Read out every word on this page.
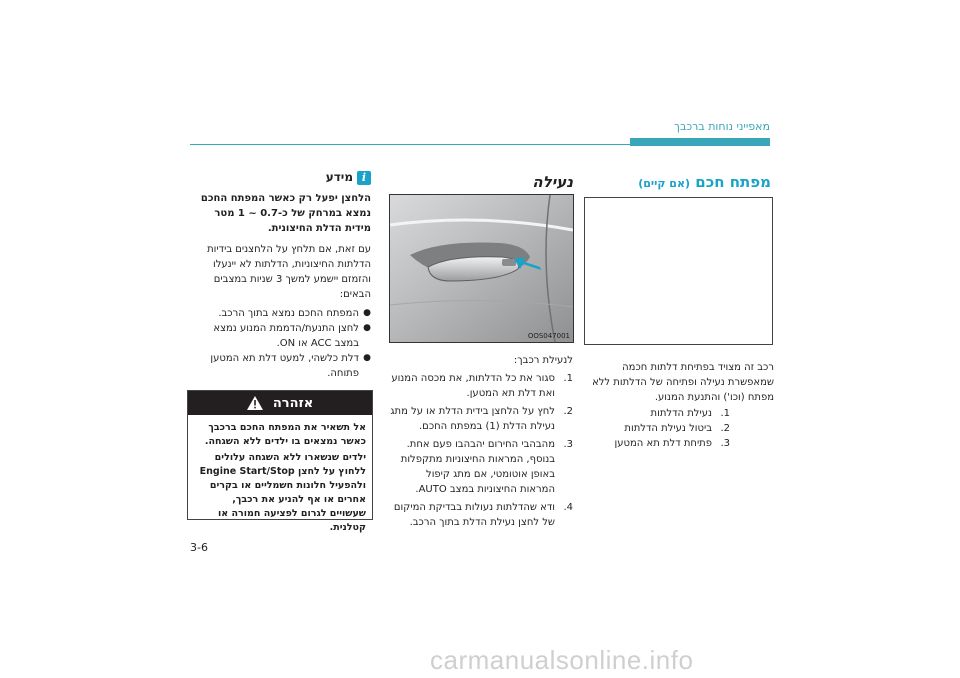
מאפייני נוחות ברכבך
מפתח חכם (אם קיים)

רכב זה מצויד בפתיחת דלתות חכמה שמאפשרת נעילה ופתיחה של הדלתות ללא מפתח (וכו') והתנעת המנוע.

1.
נעילת הדלתות
2.
ביטול נעילת הדלתות
3.
פתיחת דלת תא המטען
נעילה
OOS047001

לנעילת רכבך:

1.
סגור את כל הדלתות, את מכסה המנוע ואת דלת תא המטען.
2.
לחץ על הלחצן בידית הדלת או על מתג נעילת הדלת (1) במפתח החכם.
3.
מהבהבי החירום יהבהבו פעם אחת. בנוסף, המראות החיצוניות מתקפלות באופן אוטומטי, אם מתג קיפול המראות החיצוניות במצב AUTO.
4.
ודא שהדלתות נעולות בבדיקת המיקום של לחצן נעילת הדלת בתוך הרכב.
i
מידע

הלחצן יפעל רק כאשר המפתח החכם נמצא במרחק של כ-0.7 ~ 1 מטר מידית הדלת החיצונית.

עם זאת, אם תלחץ על הלחצנים בידיות הדלתות החיצוניות, הדלתות לא יינעלו והזמזם יישמע למשך 3 שניות במצבים הבאים:

●
המפתח החכם נמצא בתוך הרכב.
●
לחצן התנעת/הדממת המנוע נמצא במצב ACC או ON.
●
דלת כלשהי, למעט דלת תא המטען פתוחה.
אזהרה

אל תשאיר את המפתח החכם ברכבך כאשר נמצאים בו ילדים ללא השגחה.

ילדים שנשארו ללא השגחה עלולים ללחוץ על לחצן Engine Start/Stop ולהפעיל חלונות חשמליים או בקרים אחרים או אף להניע את רכבך, שעשויים לגרום לפציעה חמורה או קטלנית.

3-6
carmanualsonline.info
